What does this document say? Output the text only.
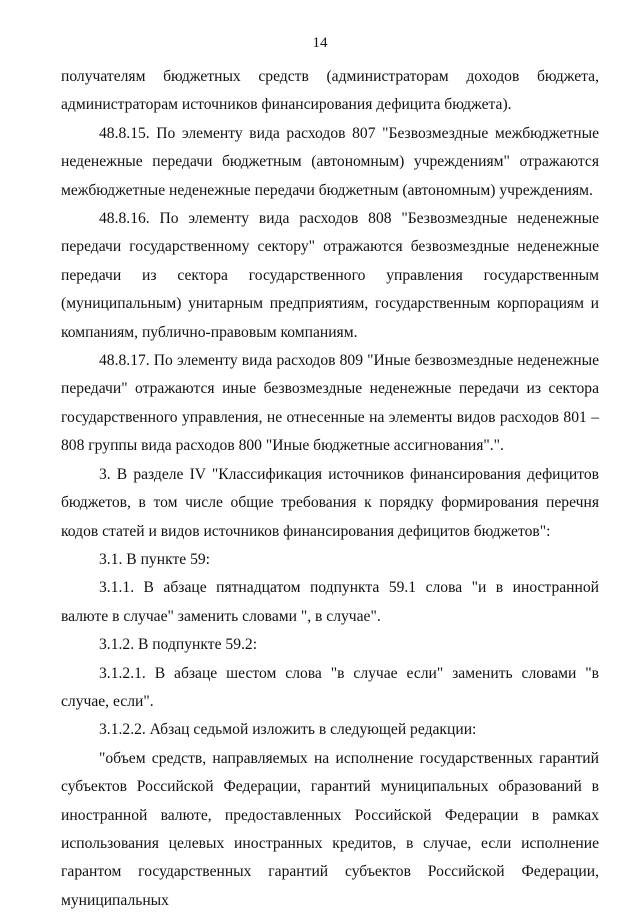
14

получателям бюджетных средств (администраторам доходов бюджета, администраторам источников финансирования дефицита бюджета).

48.8.15. По элементу вида расходов 807 "Безвозмездные межбюджетные неденежные передачи бюджетным (автономным) учреждениям" отражаются межбюджетные неденежные передачи бюджетным (автономным) учреждениям.

48.8.16. По элементу вида расходов 808 "Безвозмездные неденежные передачи государственному сектору" отражаются безвозмездные неденежные передачи из сектора государственного управления государственным (муниципальным) унитарным предприятиям, государственным корпорациям и компаниям, публично-правовым компаниям.

48.8.17. По элементу вида расходов 809 "Иные безвозмездные неденежные передачи" отражаются иные безвозмездные неденежные передачи из сектора государственного управления, не отнесенные на элементы видов расходов 801 – 808 группы вида расходов 800 "Иные бюджетные ассигнования".".

3. В разделе IV "Классификация источников финансирования дефицитов бюджетов, в том числе общие требования к порядку формирования перечня кодов статей и видов источников финансирования дефицитов бюджетов":

3.1. В пункте 59:

3.1.1. В абзаце пятнадцатом подпункта 59.1 слова "и в иностранной валюте в случае" заменить словами ", в случае".

3.1.2. В подпункте 59.2:

3.1.2.1. В абзаце шестом слова "в случае если" заменить словами "в случае, если".

3.1.2.2. Абзац седьмой изложить в следующей редакции:

"объем средств, направляемых на исполнение государственных гарантий субъектов Российской Федерации, гарантий муниципальных образований в иностранной валюте, предоставленных Российской Федерации в рамках использования целевых иностранных кредитов, в случае, если исполнение гарантом государственных гарантий субъектов Российской Федерации, муниципальных
